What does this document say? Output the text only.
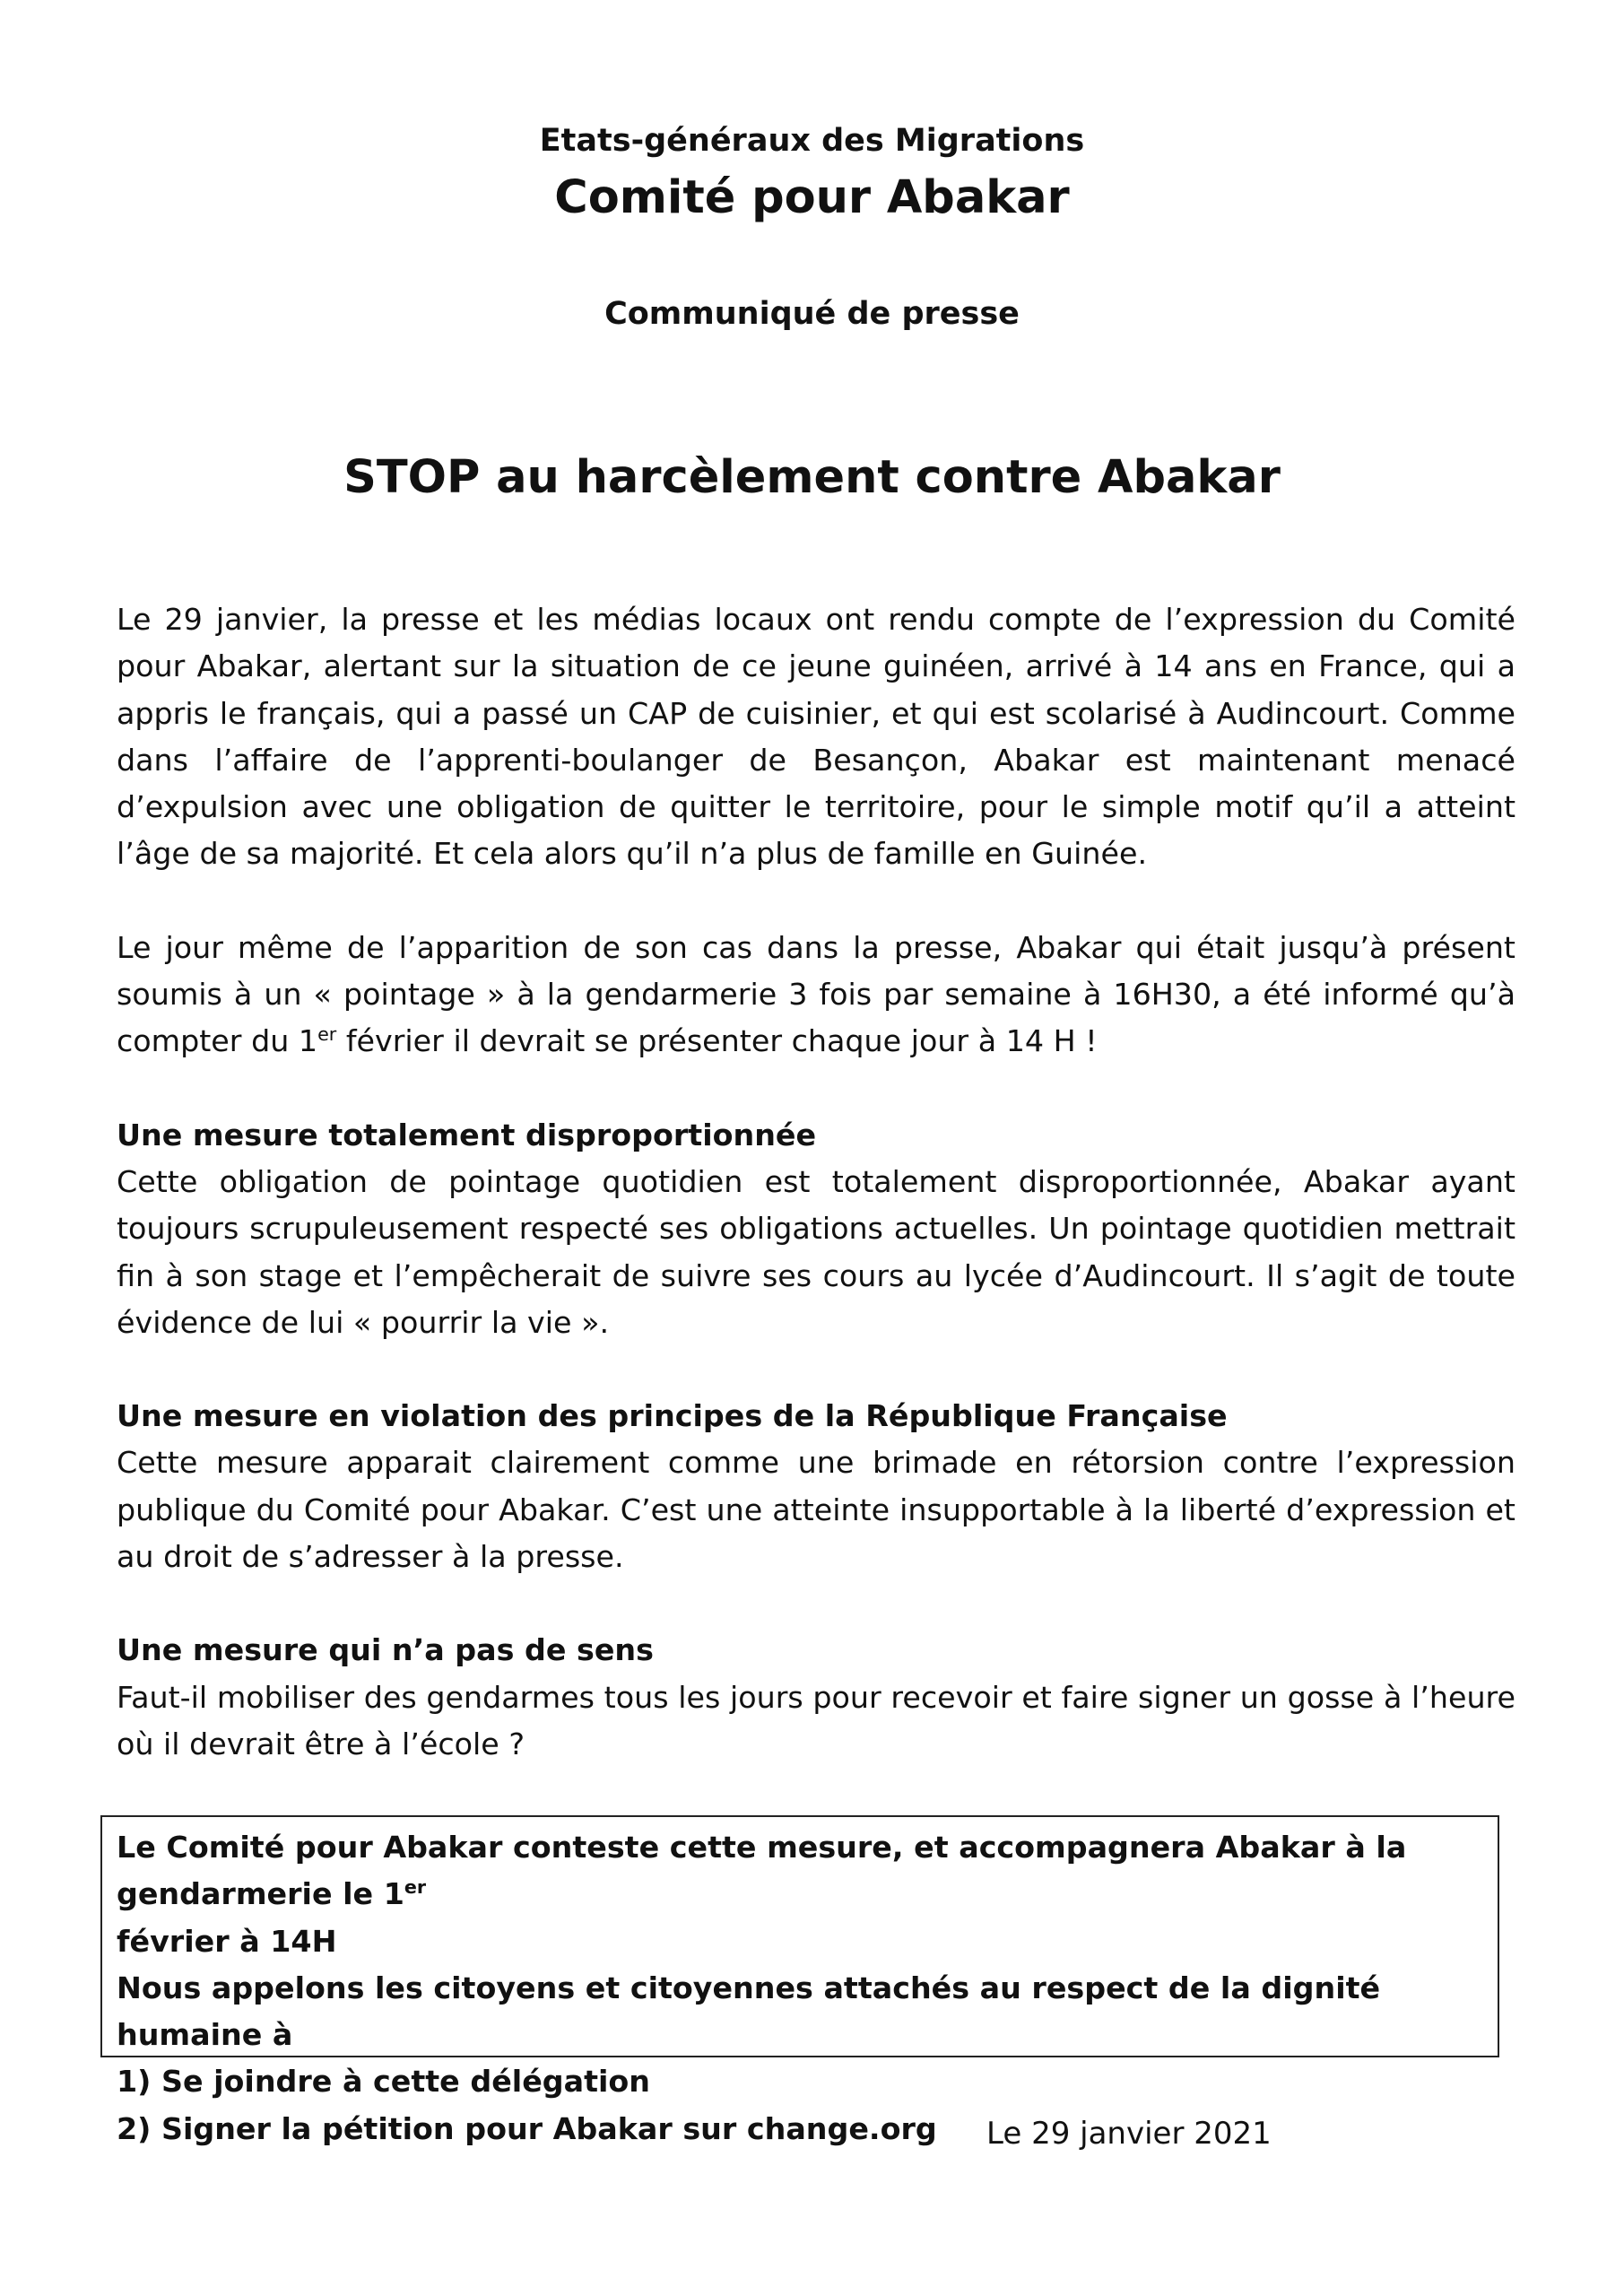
Etats-généraux des Migrations

Comité pour Abakar

Communiqué de presse

STOP au harcèlement contre Abakar

Le 29 janvier, la presse et les médias locaux ont rendu compte de l’expression du Comité pour Abakar, alertant sur la situation de ce jeune guinéen, arrivé à 14 ans en France, qui a appris le français, qui a passé un CAP de cuisinier, et qui est scolarisé à Audincourt. Comme dans l’affaire de l’apprenti-boulanger de Besançon, Abakar est maintenant menacé d’expulsion avec une obligation de quitter le territoire, pour le simple motif qu’il a atteint l’âge de sa majorité. Et cela alors qu’il n’a plus de famille en Guinée.

Le jour même de l’apparition de son cas dans la presse, Abakar qui était jusqu’à présent soumis à un « pointage » à la gendarmerie 3 fois par semaine à 16H30, a été informé qu’à compter du 1er février il devrait se présenter chaque jour à 14 H !

Une mesure totalement disproportionnée

Cette obligation de pointage quotidien est totalement disproportionnée, Abakar ayant toujours scrupuleusement respecté ses obligations actuelles. Un pointage quotidien mettrait fin à son stage et l’empêcherait de suivre ses cours au lycée d’Audincourt. Il s’agit de toute évidence de lui « pourrir la vie ».

Une mesure en violation des principes de la République Française

Cette mesure apparait clairement comme une brimade en rétorsion contre l’expression publique du Comité pour Abakar. C’est une atteinte insupportable à la liberté d’expression et au droit de s’adresser à la presse.

Une mesure qui n’a pas de sens

Faut-il mobiliser des gendarmes tous les jours pour recevoir et faire signer un gosse à l’heure où il devrait être à l’école ?

Le Comité pour Abakar conteste cette mesure, et accompagnera Abakar à la gendarmerie le 1er

février à 14H

Nous appelons les citoyens et citoyennes attachés au respect de la dignité humaine à

1) Se joindre à cette délégation

2) Signer la pétition pour Abakar sur change.org	Le 29 janvier 2021
